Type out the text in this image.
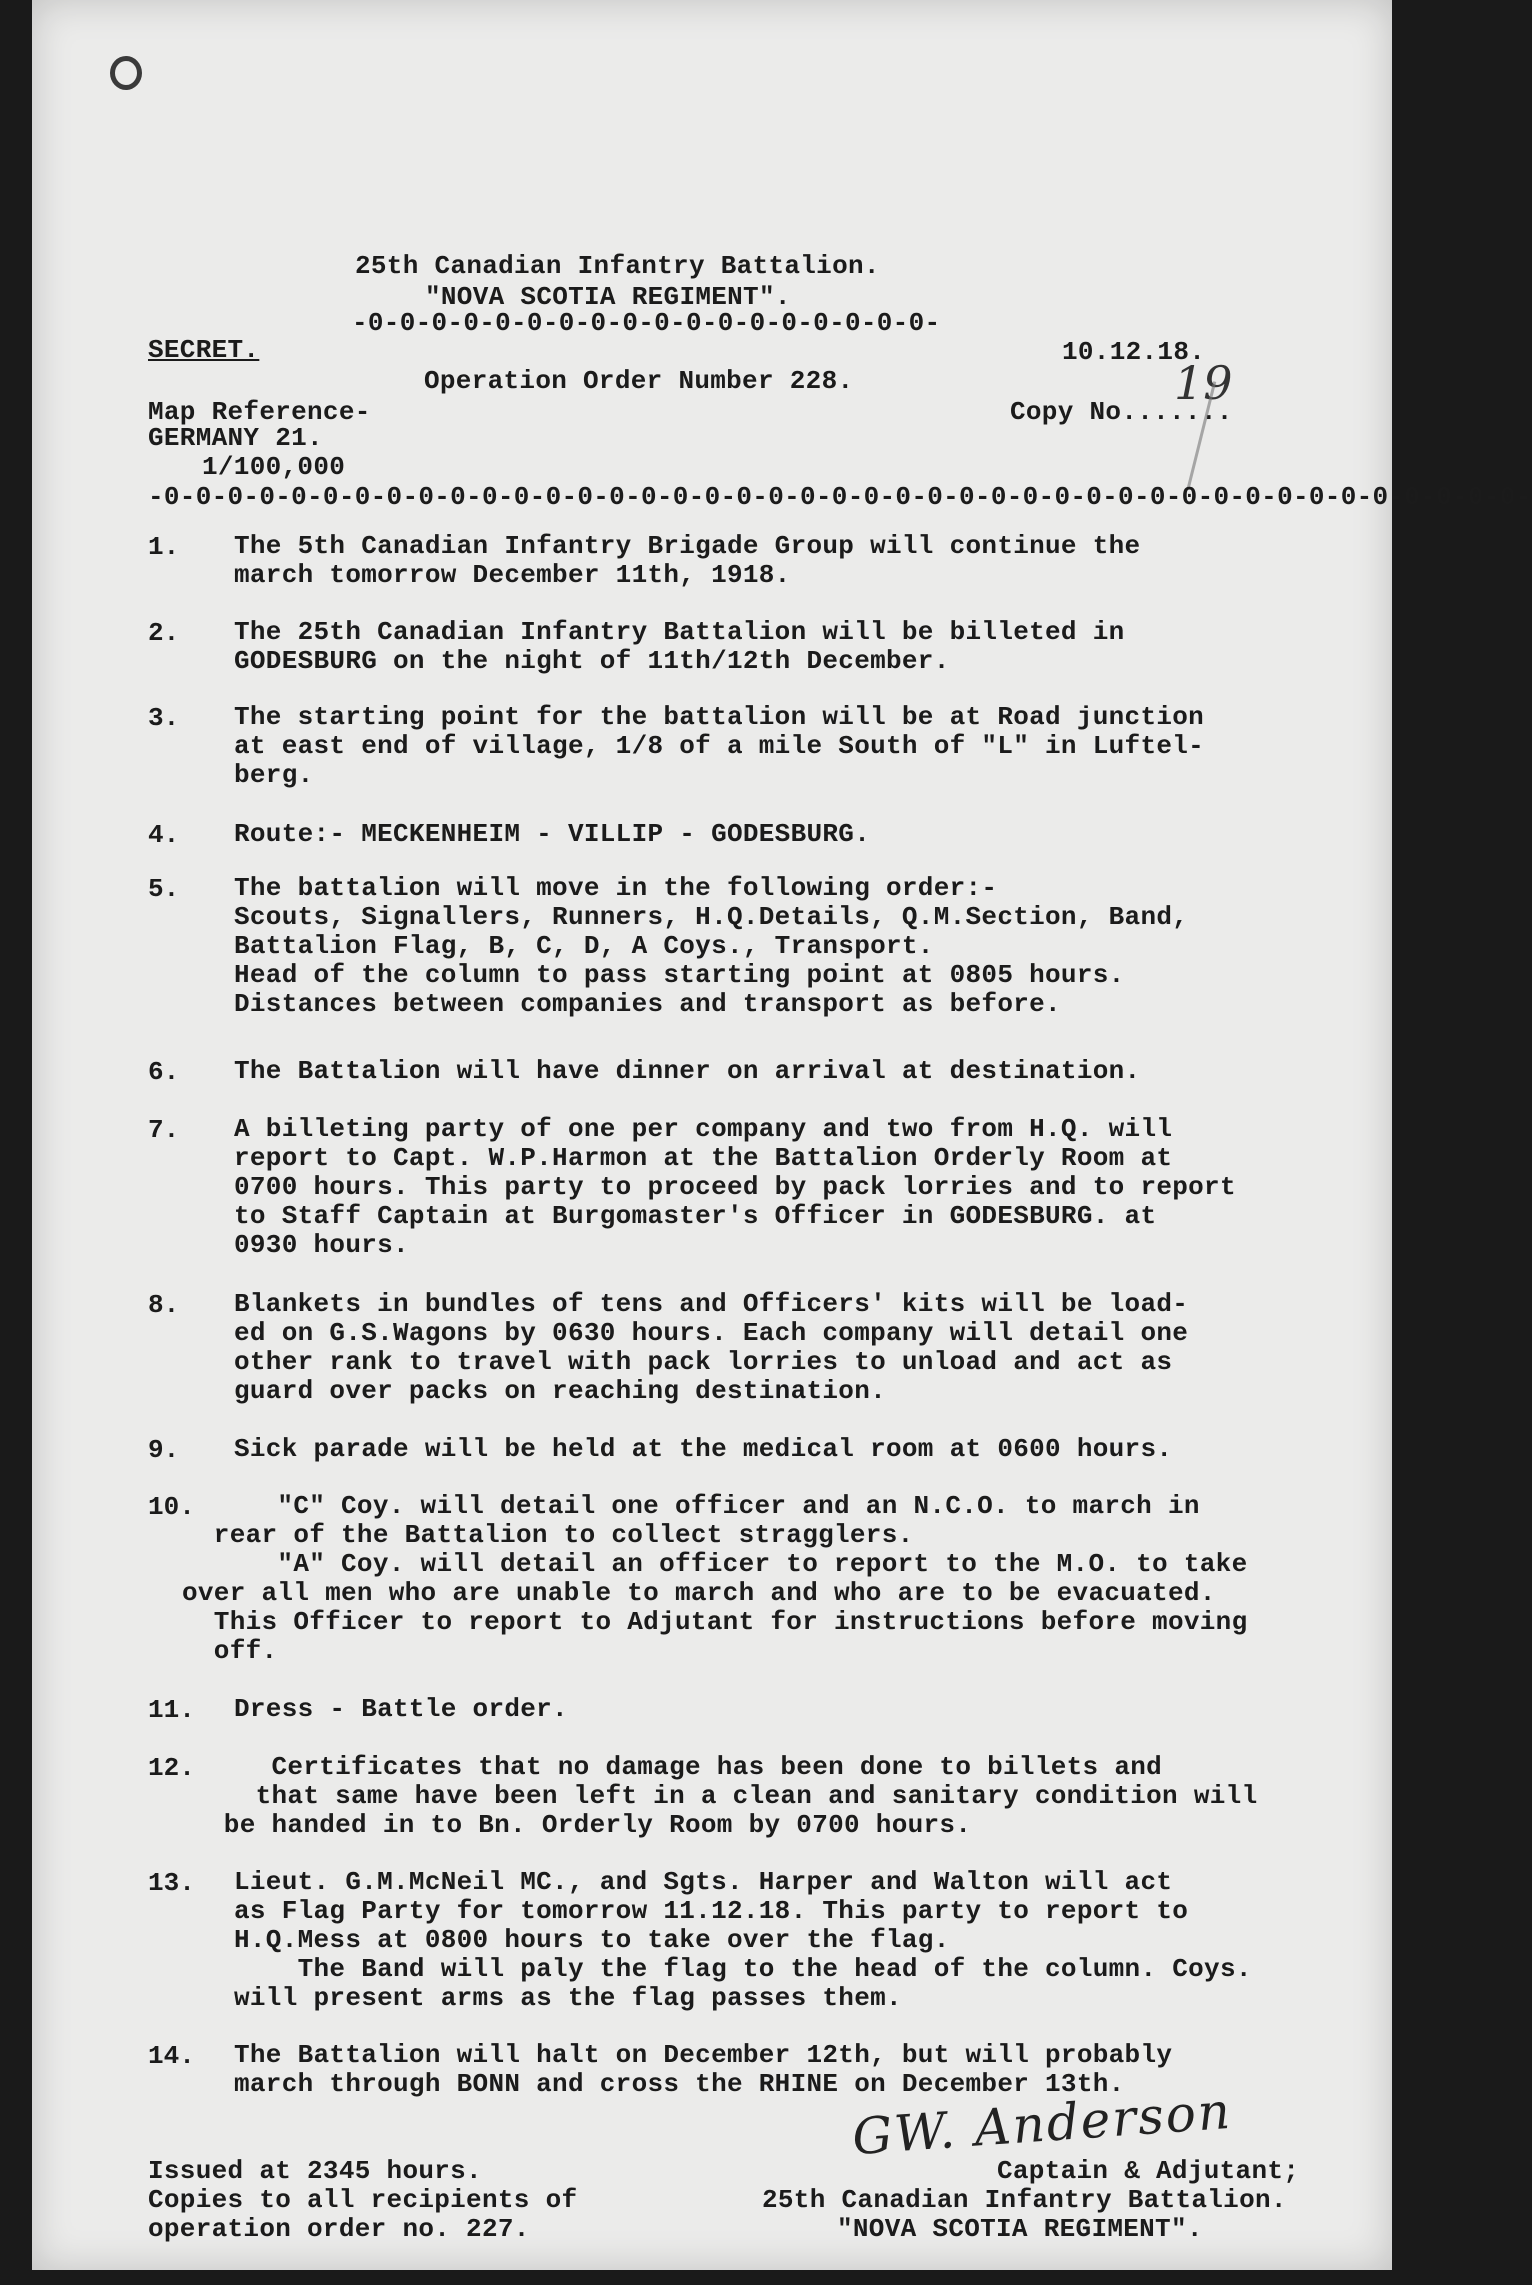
25th Canadian Infantry Battalion.
"NOVA SCOTIA REGIMENT".
-0-0-0-0-0-0-0-0-0-0-0-0-0-0-0-0-0-0-
SECRET.	10.12.18.
Operation Order Number 228.
Copy No.......
19
Map Reference-
GERMANY 21.
1/100,000
-0-0-0-0-0-0-0-0-0-0-0-0-0-0-0-0-0-0-0-0-0-0-0-0-0-0-0-0-0-0-0-0-0-0-0-0-0-0-0-0-0-0-0-
1. The 5th Canadian Infantry Brigade Group will continue the
march tomorrow December 11th, 1918.
2. The 25th Canadian Infantry Battalion will be billeted in
GODESBURG on the night of 11th/12th December.
3. The starting point for the battalion will be at Road junction
at east end of village, 1/8 of a mile South of "L" in Luftel-
berg.
4. Route:- MECKENHEIM - VILLIP - GODESBURG.
5. The battalion will move in the following order:-
Scouts, Signallers, Runners, H.Q.Details, Q.M.Section, Band,
Battalion Flag, B, C, D, A Coys., Transport.
Head of the column to pass starting point at 0805 hours.
Distances between companies and transport as before.
6. The Battalion will have dinner on arrival at destination.
7. A billeting party of one per company and two from H.Q. will
report to Capt. W.P.Harmon at the Battalion Orderly Room at
0700 hours. This party to proceed by pack lorries and to report
to Staff Captain at Burgomaster's Officer in GODESBURG. at
0930 hours.
8. Blankets in bundles of tens and Officers' kits will be load-
ed on G.S.Wagons by 0630 hours. Each company will detail one
other rank to travel with pack lorries to unload and act as
guard over packs on reaching destination.
9. Sick parade will be held at the medical room at 0600 hours.
10.	"C" Coy. will detail one officer and an N.C.O. to march in
rear of the Battalion to collect stragglers.
"A" Coy. will detail an officer to report to the M.O. to take
over all men who are unable to march and who are to be evacuated.
This Officer to report to Adjutant for instructions before moving
off.
11. Dress - Battle order.
12.	Certificates that no damage has been done to billets and
that same have been left in a clean and sanitary condition will
be handed in to Bn. Orderly Room by 0700 hours.
13. Lieut. G.M.McNeil MC., and Sgts. Harper and Walton will act
as Flag Party for tomorrow 11.12.18. This party to report to
H.Q.Mess at 0800 hours to take over the flag.
The Band will paly the flag to the head of the column. Coys.
will present arms as the flag passes them.
14. The Battalion will halt on December 12th, but will probably
march through BONN and cross the RHINE on December 13th.
GW. Anderson
Captain & Adjutant;
25th Canadian Infantry Battalion.
"NOVA SCOTIA REGIMENT".
Issued at 2345 hours.
Copies to all recipients of
operation order no. 227.
